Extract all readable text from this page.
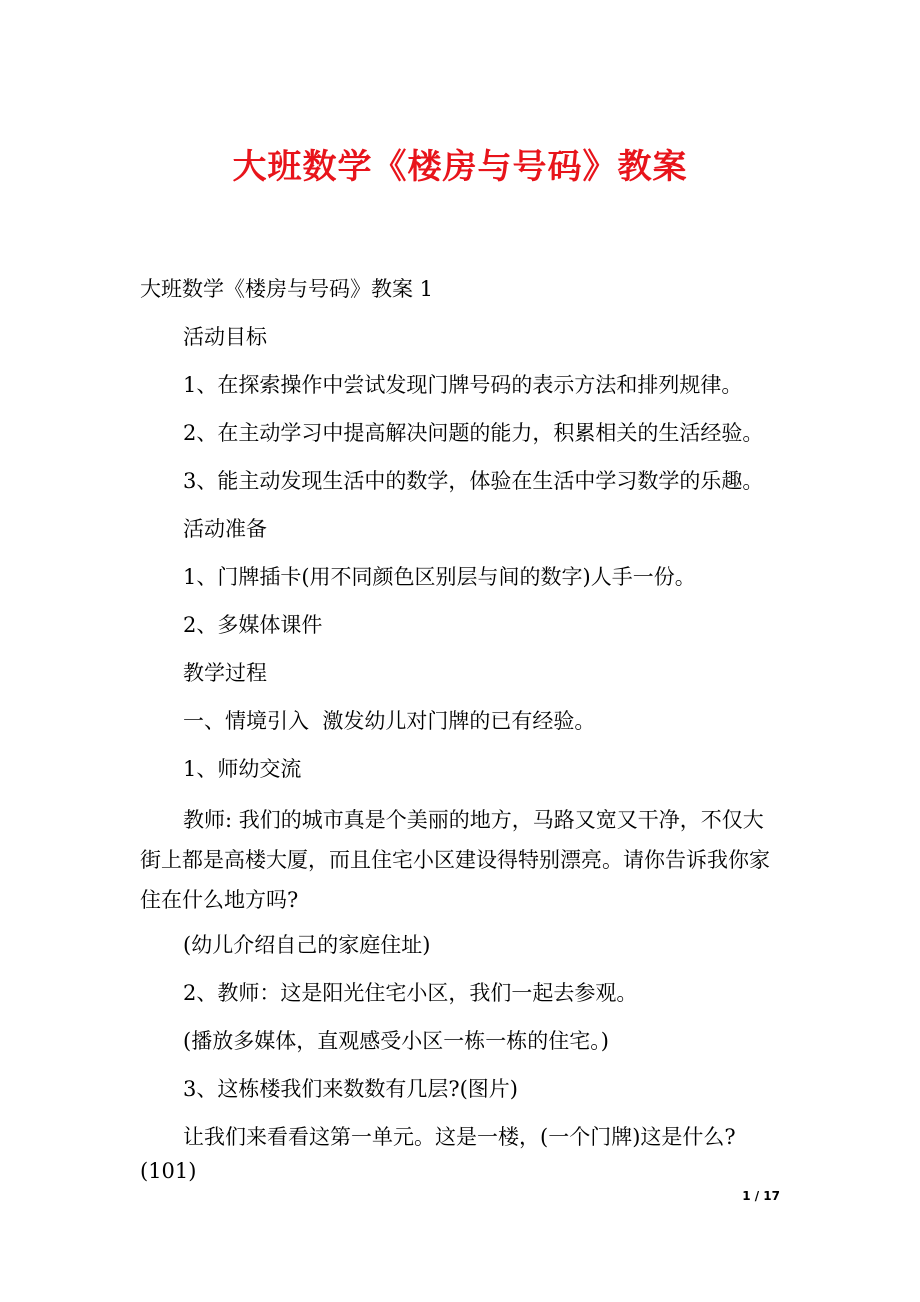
大班数学《楼房与号码》教案

大班数学《楼房与号码》教案 1

活动目标

1、在探索操作中尝试发现门牌号码的表示方法和排列规律。

2、在主动学习中提高解决问题的能力，积累相关的生活经验。

3、能主动发现生活中的数学，体验在生活中学习数学的乐趣。

活动准备

1、门牌插卡(用不同颜色区别层与间的数字)人手一份。

2、多媒体课件

教学过程

一、情境引入  激发幼儿对门牌的已有经验。

1、师幼交流

教师: 我们的城市真是个美丽的地方，马路又宽又干净，不仅大街上都是高楼大厦，而且住宅小区建设得特别漂亮。请你告诉我你家住在什么地方吗?

(幼儿介绍自己的家庭住址)

2、教师：这是阳光住宅小区，我们一起去参观。

(播放多媒体，直观感受小区一栋一栋的住宅。)

3、这栋楼我们来数数有几层?(图片)

让我们来看看这第一单元。这是一楼，(一个门牌)这是什么?(101)

1 / 17
